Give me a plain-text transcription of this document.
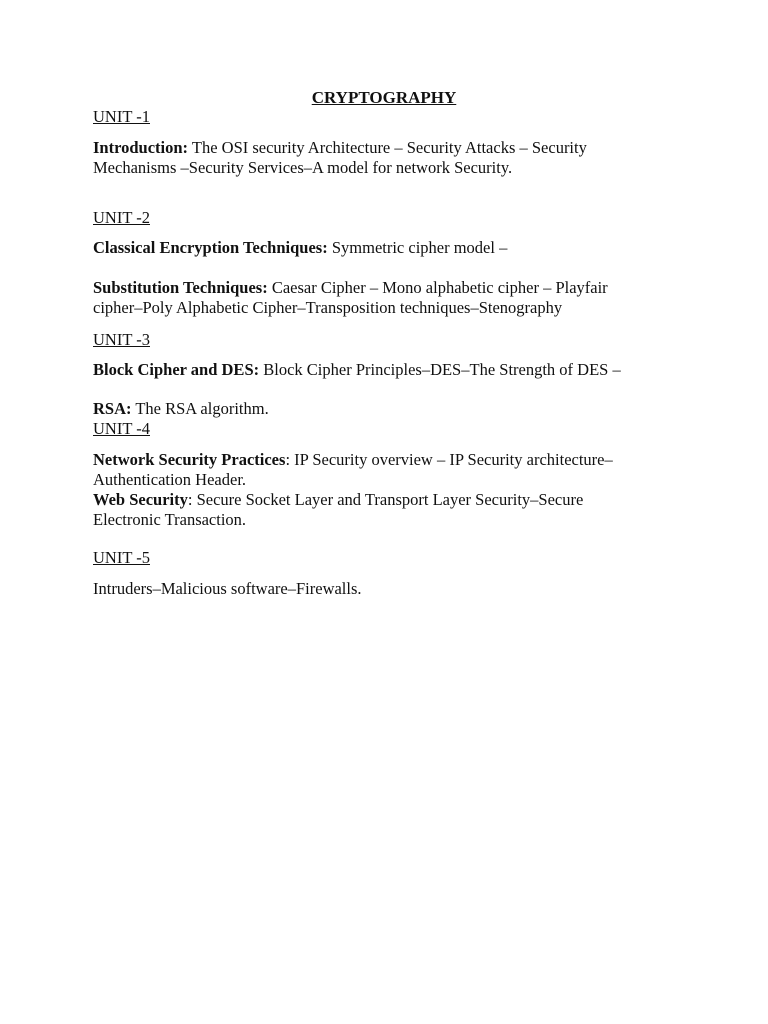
CRYPTOGRAPHY
UNIT -1
Introduction: The OSI security Architecture – Security Attacks – Security
Mechanisms –Security Services–A model for network Security.
UNIT -2
Classical Encryption Techniques: Symmetric cipher model –
Substitution Techniques: Caesar Cipher – Mono alphabetic cipher – Playfair
cipher–Poly Alphabetic Cipher–Transposition techniques–Stenography
UNIT -3
Block Cipher and DES: Block Cipher Principles–DES–The Strength of DES –
RSA: The RSA algorithm.
UNIT -4
Network Security Practices: IP Security overview – IP Security architecture–
Authentication Header.
Web Security: Secure Socket Layer and Transport Layer Security–Secure
Electronic Transaction.
UNIT -5
Intruders–Malicious software–Firewalls.
